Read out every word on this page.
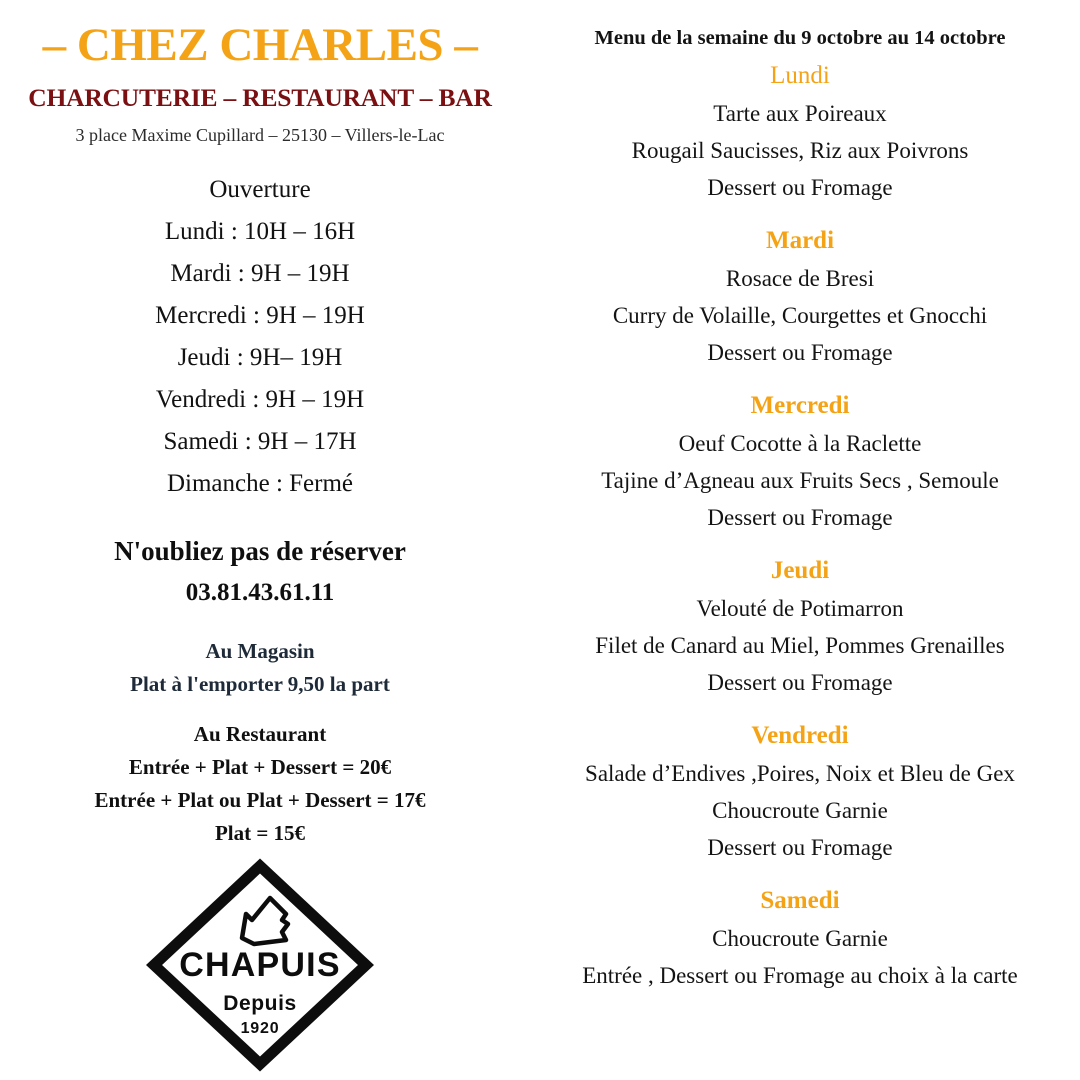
– CHEZ CHARLES –
CHARCUTERIE – RESTAURANT – BAR
3 place Maxime Cupillard – 25130 – Villers-le-Lac
Ouverture
Lundi : 10H – 16H
Mardi : 9H – 19H
Mercredi : 9H – 19H
Jeudi : 9H– 19H
Vendredi : 9H – 19H
Samedi : 9H – 17H
Dimanche : Fermé
N'oubliez pas de réserver
03.81.43.61.11
Au Magasin
Plat à l'emporter 9,50 la part
Au Restaurant
Entrée + Plat + Dessert = 20€
Entrée + Plat ou Plat + Dessert = 17€
Plat = 15€
CHAPUIS
Depuis
1920
Menu de la semaine du 9 octobre au 14 octobre
Lundi
Tarte aux Poireaux
Rougail Saucisses, Riz aux Poivrons
Dessert ou Fromage
Mardi
Rosace de Bresi
Curry de Volaille, Courgettes et Gnocchi
Dessert ou Fromage
Mercredi
Oeuf Cocotte à la Raclette
Tajine d’Agneau aux Fruits Secs , Semoule
Dessert ou Fromage
Jeudi
Velouté de Potimarron
Filet de Canard au Miel, Pommes Grenailles
Dessert ou Fromage
Vendredi
Salade d’Endives ,Poires, Noix et Bleu de Gex
Choucroute Garnie
Dessert ou Fromage
Samedi
Choucroute Garnie
Entrée , Dessert ou Fromage au choix à la carte
